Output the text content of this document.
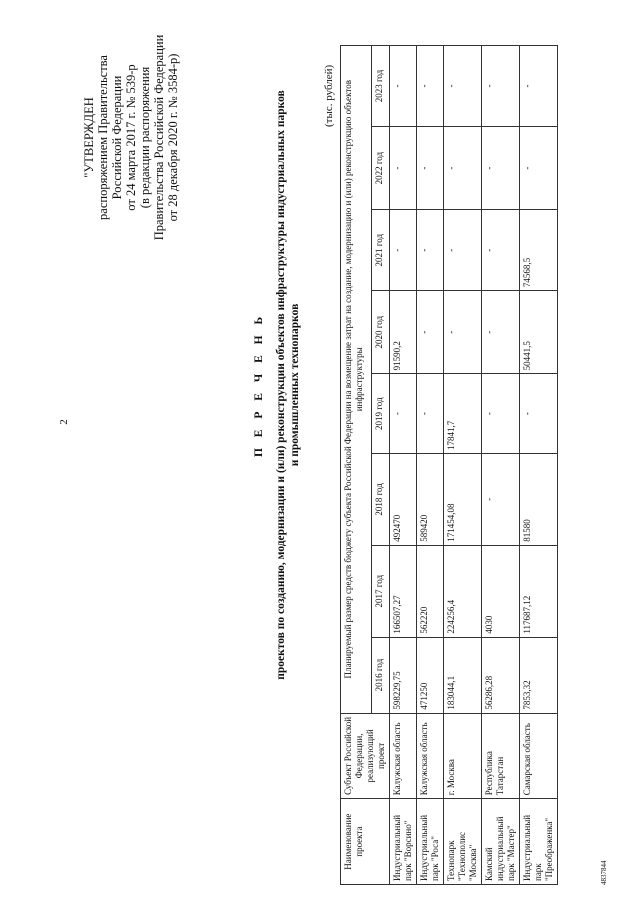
2
"УТВЕРЖДЕН распоряжением Правительства Российской Федерации от 24 марта 2017 г. № 539-р (в редакции распоряжения Правительства Российской Федерации от 28 декабря 2020 г. № 3584-р)
П Е Р Е Ч Е Н Ь проектов по созданию, модернизации и (или) реконструкции объектов инфраструктуры индустриальных парков и промышленных технопарков
(тыс. рублей)
Наименование проекта	Субъект Российской Федерации, реализующий проект	Планируемый размер средств бюджету субъекта Российской Федерации на возмещение затрат на создание, модернизацию и (или) реконструкцию объектов инфраструктуры							
		2016 год	2017 год	2018 год	2019 год	2020 год	2021 год	2022 год	2023 год
Индустриальный парк "Ворсино"	Калужская область	598229,75	166507,27	492470	-	91590,2	-	-	-
Индустриальный парк "Роса"	Калужская область	471250	562220	589420	-	-	-	-	-
Технопарк "Технополис "Москва"	г. Москва	183044,1	224256,4	171454,08	17841,7	-	-	-	-
Камский индустриальный парк "Мастер"	Республика Татарстан	56286,28	4030	-	-	-	-	-	-
Индустриальный парк "Преображенка"	Самарская область	7853,32	117687,12	81580	-	50441,5	74568,5	-	-
4837844
